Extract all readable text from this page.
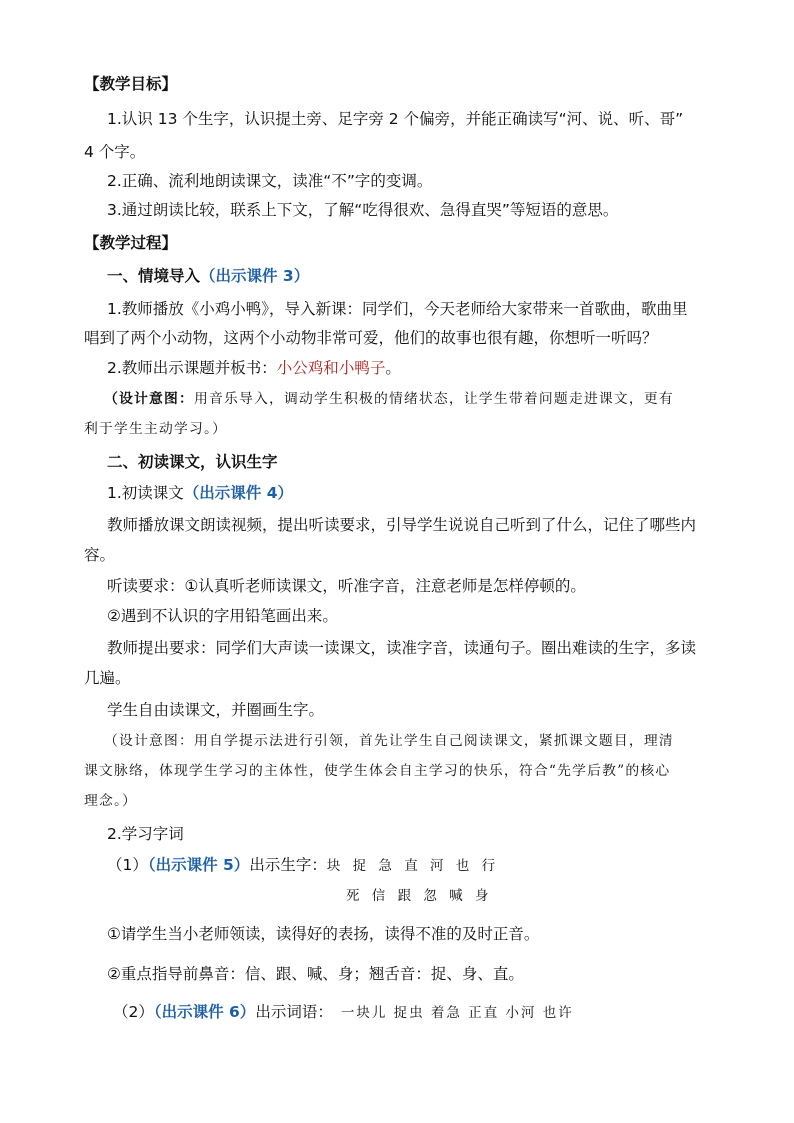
【教学目标】
1.认识 13 个生字，认识提土旁、足字旁 2 个偏旁，并能正确读写“河、说、听、哥”
4 个字。
2.正确、流利地朗读课文，读准“不”字的变调。
3.通过朗读比较，联系上下文，了解“吃得很欢、急得直哭”等短语的意思。
【教学过程】
一、情境导入（出示课件 3）
1.教师播放《小鸡小鸭》，导入新课：同学们，今天老师给大家带来一首歌曲，歌曲里
唱到了两个小动物，这两个小动物非常可爱，他们的故事也很有趣，你想听一听吗？
2.教师出示课题并板书：小公鸡和小鸭子。
（设计意图：用音乐导入，调动学生积极的情绪状态，让学生带着问题走进课文，更有
利于学生主动学习。）
二、初读课文，认识生字
1.初读课文（出示课件 4）
教师播放课文朗读视频，提出听读要求，引导学生说说自己听到了什么，记住了哪些内
容。
听读要求：①认真听老师读课文，听准字音，注意老师是怎样停顿的。
②遇到不认识的字用铅笔画出来。
教师提出要求：同学们大声读一读课文，读准字音，读通句子。圈出难读的生字，多读
几遍。
学生自由读课文，并圈画生字。
（设计意图：用自学提示法进行引领，首先让学生自己阅读课文，紧抓课文题目，理清
课文脉络，体现学生学习的主体性，使学生体会自主学习的快乐，符合“先学后教”的核心
理念。）
2.学习字词
（1）（出示课件 5）出示生字：块 捉 急 直 河 也 行
死 信 跟 忽 喊 身
①请学生当小老师领读，读得好的表扬，读得不准的及时正音。
②重点指导前鼻音：信、跟、喊、身；翘舌音：捉、身、直。
（2）（出示课件 6）出示词语： 一块儿 捉虫 着急 正直 小河 也许
